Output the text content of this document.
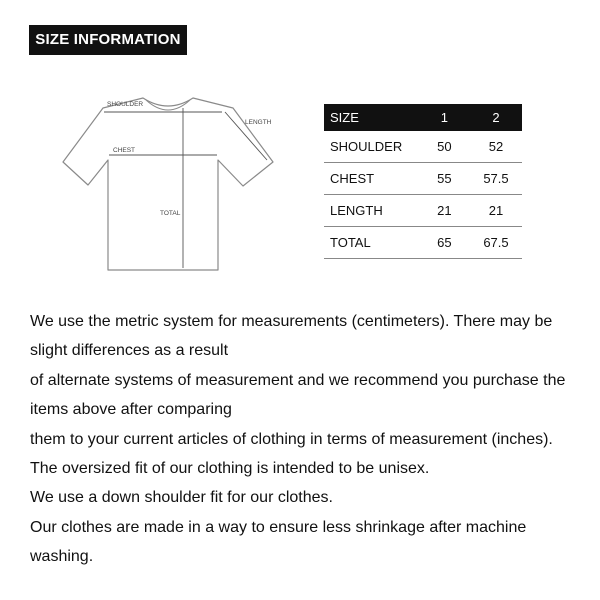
SIZE INFORMATION
SHOULDER
LENGTH
CHEST
TOTAL
SIZE	1	2
SHOULDER	50	52
CHEST	55	57.5
LENGTH	21	21
TOTAL	65	67.5

We use the metric system for measurements (centimeters). There may be slight differences as a result

of alternate systems of measurement and we recommend you purchase the items above after comparing

them to your current articles of clothing in terms of measurement (inches).

The oversized fit of our clothing is intended to be unisex.

We use a down shoulder fit for our clothes.

Our clothes are made in a way to ensure less shrinkage after machine washing.
